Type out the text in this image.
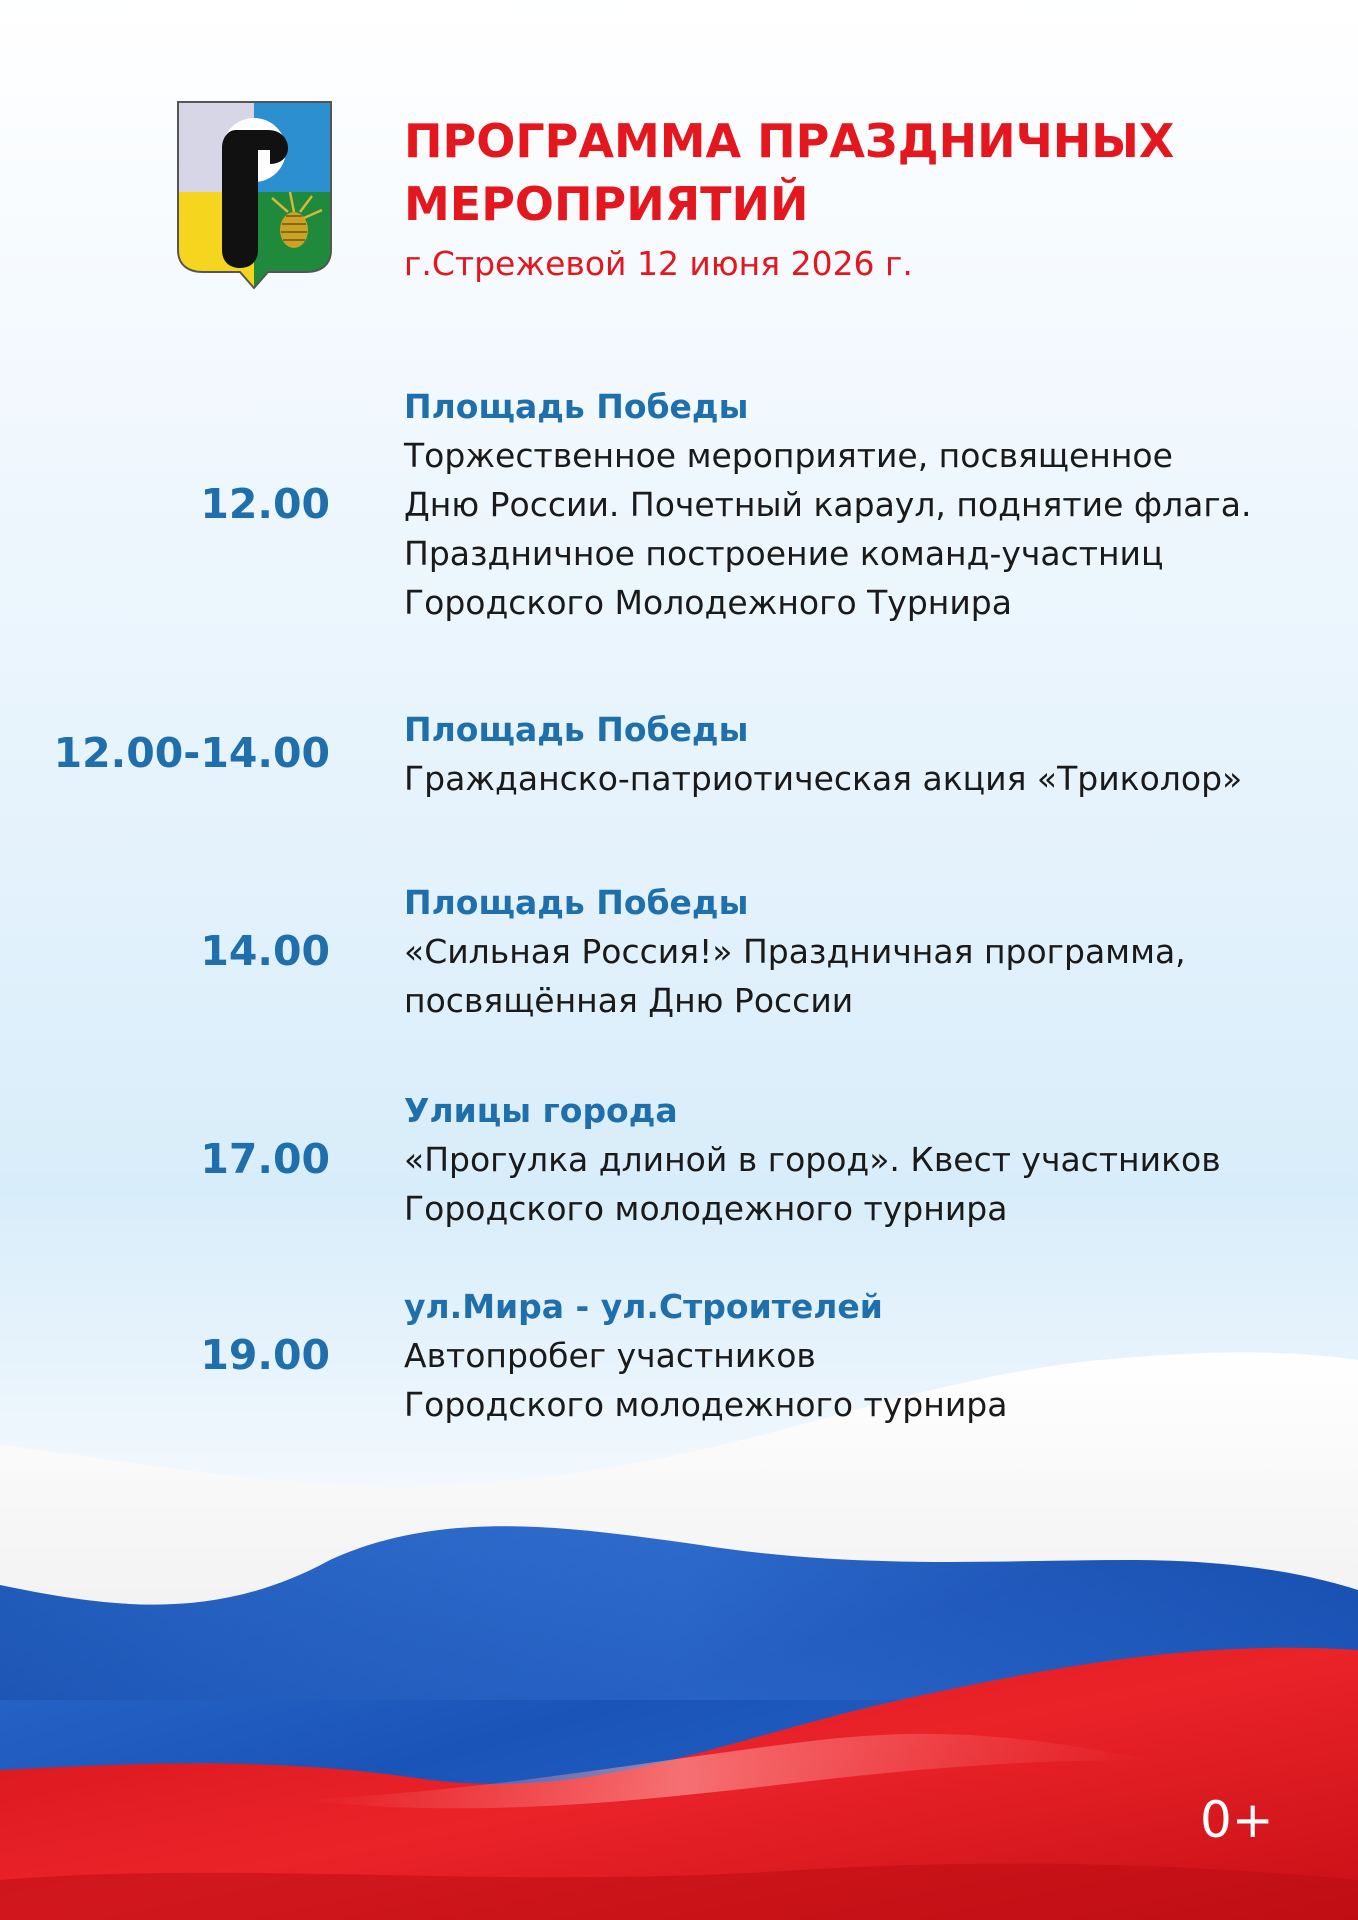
ПРОГРАММА ПРАЗДНИЧНЫХ
МЕРОПРИЯТИЙ

г.Стрежевой 12 июня 2026 г.

12.00
Площадь Победы
Торжественное мероприятие, посвященное
Дню России. Почетный караул, поднятие флага.
Праздничное построение команд-участниц
Городского Молодежного Турнира
12.00-14.00 Площадь Победы
Гражданско-патриотическая акция «Триколор»
14.00
Площадь Победы
«Сильная Россия!» Праздничная программа,
посвящённая Дню России
17.00
Улицы города
«Прогулка длиной в город». Квест участников
Городского молодежного турнира
19.00
ул.Мира - ул.Строителей
Автопробег участников
Городского молодежного турнира
0+
